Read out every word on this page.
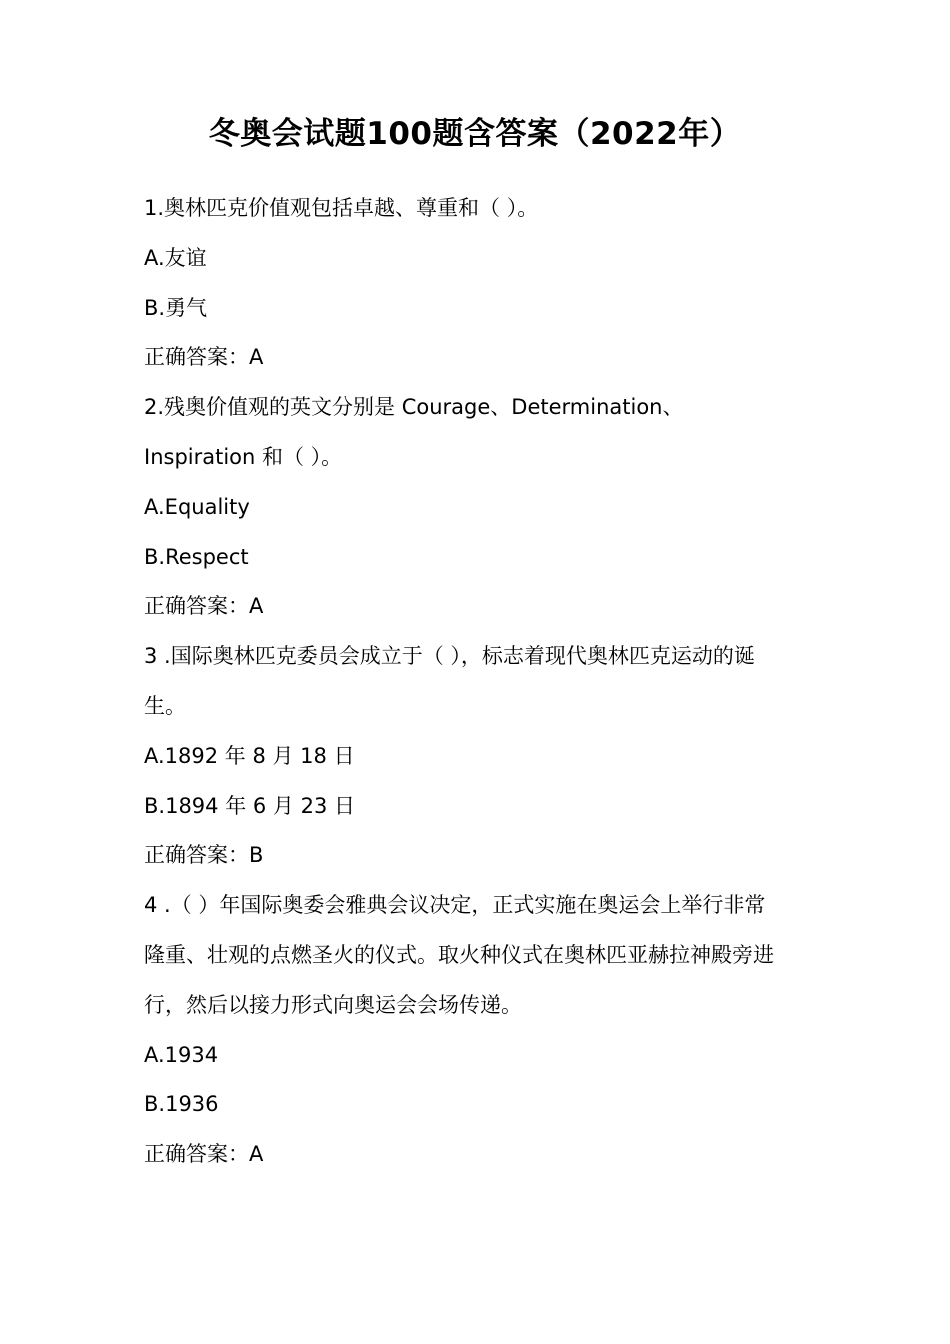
冬奥会试题100题含答案（2022年）
1.奥林匹克价值观包括卓越、尊重和（ ）。
A.友谊
B.勇气
正确答案：A
2.残奥价值观的英文分别是 Courage、Determination、
Inspiration 和（ ）。
A.Equality
B.Respect
正确答案：A
3 .国际奥林匹克委员会成立于（ ），标志着现代奥林匹克运动的诞
生。
A.1892 年 8 月 18 日
B.1894 年 6 月 23 日
正确答案：B
4 .（ ）年国际奥委会雅典会议决定，正式实施在奥运会上举行非常
隆重、壮观的点燃圣火的仪式。取火种仪式在奥林匹亚赫拉神殿旁进
行，然后以接力形式向奥运会会场传递。
A.1934
B.1936
正确答案：A
